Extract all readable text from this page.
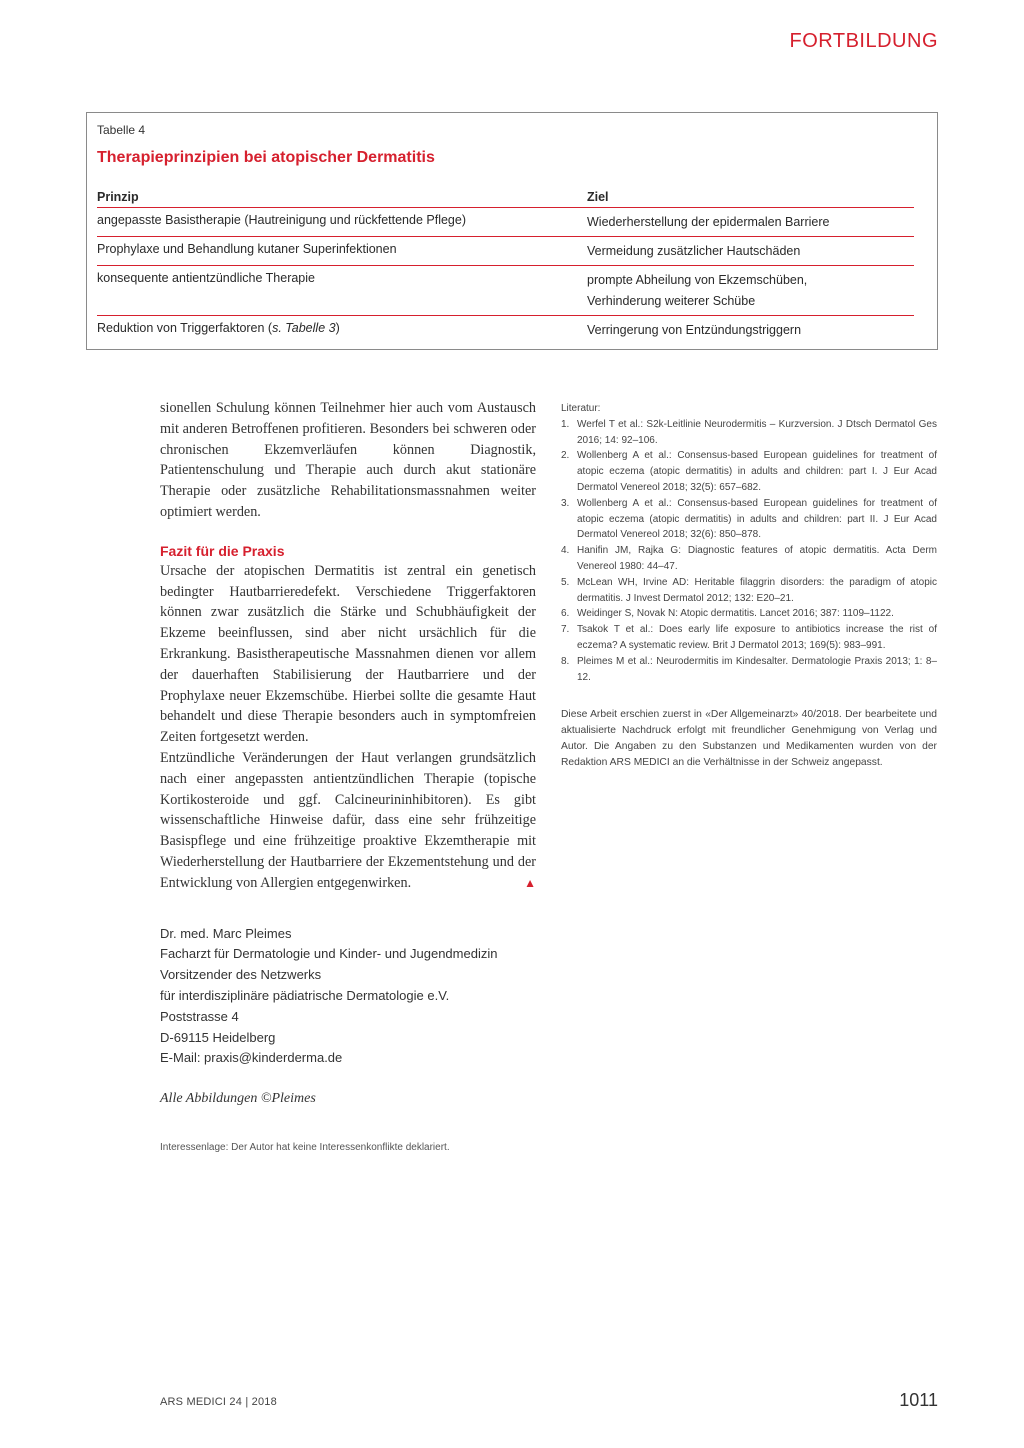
FORTBILDUNG
Tabelle 4
Therapieprinzipien bei atopischer Dermatitis
Prinzip	Ziel
angepasste Basistherapie (Hautreinigung und rückfettende Pflege)	Wiederherstellung der epidermalen Barriere
Prophylaxe und Behandlung kutaner Superinfektionen	Vermeidung zusätzlicher Hautschäden
konsequente antientzündliche Therapie	prompte Abheilung von Ekzemschüben,
Verhinderung weiterer Schübe
Reduktion von Triggerfaktoren (s. Tabelle 3)	Verringerung von Entzündungstriggern

sionellen Schulung können Teilnehmer hier auch vom Austausch mit anderen Betroffenen profitieren. Besonders bei schweren oder chronischen Ekzemverläufen können Diagnostik, Patientenschulung und Therapie auch durch akut stationäre Therapie oder zusätzliche Rehabilitationsmassnahmen weiter optimiert werden.

Fazit für die Praxis

Ursache der atopischen Dermatitis ist zentral ein genetisch bedingter Hautbarrieredefekt. Verschiedene Triggerfaktoren können zwar zusätzlich die Stärke und Schubhäufigkeit der Ekzeme beeinflussen, sind aber nicht ursächlich für die Erkrankung. Basistherapeutische Massnahmen dienen vor allem der dauerhaften Stabilisierung der Hautbarriere und der Prophylaxe neuer Ekzemschübe. Hierbei sollte die gesamte Haut behandelt und diese Therapie besonders auch in symptomfreien Zeiten fortgesetzt werden.

Entzündliche Veränderungen der Haut verlangen grundsätzlich nach einer angepassten antientzündlichen Therapie (topische Kortikosteroide und ggf. Calcineurininhibitoren). Es gibt wissenschaftliche Hinweise dafür, dass eine sehr frühzeitige Basispflege und eine frühzeitige proaktive Ekzemtherapie mit Wiederherstellung der Hautbarriere der Ekzementstehung und der Entwicklung von Allergien entgegenwirken.	▲

Dr. med. Marc Pleimes
Facharzt für Dermatologie und Kinder- und Jugendmedizin
Vorsitzender des Netzwerks
für interdisziplinäre pädiatrische Dermatologie e.V.
Poststrasse 4
D-69115 Heidelberg
E-Mail: praxis@kinderderma.de
Alle Abbildungen ©Pleimes
Interessenlage: Der Autor hat keine Interessenkonflikte deklariert.
Literatur:
1. Werfel T et al.: S2k-Leitlinie Neurodermitis – Kurzversion. J Dtsch Dermatol Ges 2016; 14: 92–106.
2. Wollenberg A et al.: Consensus-based European guidelines for treatment of atopic eczema (atopic dermatitis) in adults and children: part I. J Eur Acad Dermatol Venereol 2018; 32(5): 657–682.
3. Wollenberg A et al.: Consensus-based European guidelines for treatment of atopic eczema (atopic dermatitis) in adults and children: part II. J Eur Acad Dermatol Venereol 2018; 32(6): 850–878.
4. Hanifin JM, Rajka G: Diagnostic features of atopic dermatitis. Acta Derm Venereol 1980: 44–47.
5. McLean WH, Irvine AD: Heritable filaggrin disorders: the paradigm of atopic dermatitis. J Invest Dermatol 2012; 132: E20–21.
6. Weidinger S, Novak N: Atopic dermatitis. Lancet 2016; 387: 1109–1122.
7. Tsakok T et al.: Does early life exposure to antibiotics increase the rist of eczema? A systematic review. Brit J Dermatol 2013; 169(5): 983–991.
8. Pleimes M et al.: Neurodermitis im Kindesalter. Dermatologie Praxis 2013; 1: 8–12.
Diese Arbeit erschien zuerst in «Der Allgemeinarzt» 40/2018. Der bearbeitete und aktualisierte Nachdruck erfolgt mit freundlicher Genehmigung von Verlag und Autor. Die Angaben zu den Substanzen und Medikamenten wurden von der Redaktion ARS MEDICI an die Verhältnisse in der Schweiz angepasst.
ARS MEDICI 24 | 2018	1011
